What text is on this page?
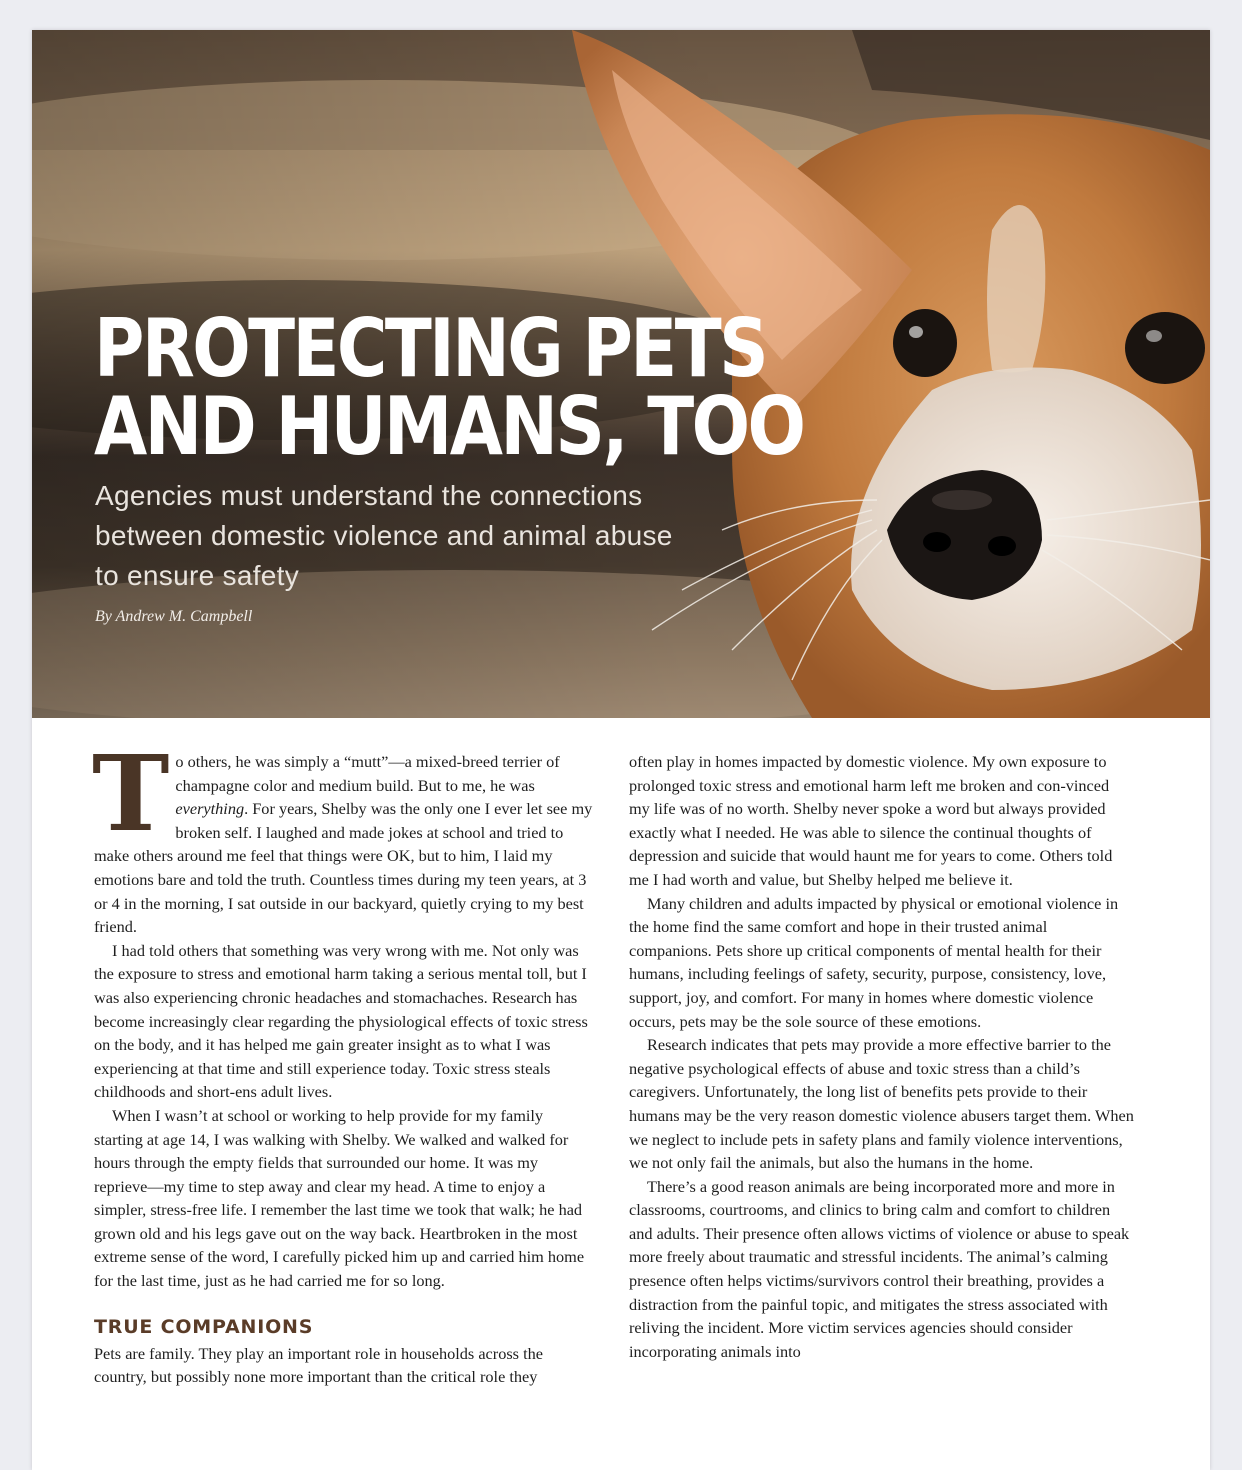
PROTECTING PETS
AND HUMANS, TOO

Agencies must understand the connections between domestic violence and animal abuse to ensure safety

By Andrew M. Campbell

To others, he was simply a “mutt”—a mixed-breed terrier of champagne color and medium build. But to me, he was everything. For years, Shelby was the only one I ever let see my broken self. I laughed and made jokes at school and tried to make others around me feel that things were OK, but to him, I laid my emotions bare and told the truth. Countless times during my teen years, at 3 or 4 in the morning, I sat outside in our backyard, quietly crying to my best friend.

I had told others that something was very wrong with me. Not only was the exposure to stress and emotional harm taking a serious mental toll, but I was also experiencing chronic headaches and stomachaches. Research has become increasingly clear regarding the physiological effects of toxic stress on the body, and it has helped me gain greater insight as to what I was experiencing at that time and still experience today. Toxic stress steals childhoods and short-ens adult lives.

When I wasn’t at school or working to help provide for my family starting at age 14, I was walking with Shelby. We walked and walked for hours through the empty fields that surrounded our home. It was my reprieve—my time to step away and clear my head. A time to enjoy a simpler, stress-free life. I remember the last time we took that walk; he had grown old and his legs gave out on the way back. Heartbroken in the most extreme sense of the word, I carefully picked him up and carried him home for the last time, just as he had carried me for so long.

TRUE COMPANIONS

Pets are family. They play an important role in households across the country, but possibly none more important than the critical role they

often play in homes impacted by domestic violence. My own exposure to prolonged toxic stress and emotional harm left me broken and con-vinced my life was of no worth. Shelby never spoke a word but always provided exactly what I needed. He was able to silence the continual thoughts of depression and suicide that would haunt me for years to come. Others told me I had worth and value, but Shelby helped me believe it.

Many children and adults impacted by physical or emotional violence in the home find the same comfort and hope in their trusted animal companions. Pets shore up critical components of mental health for their humans, including feelings of safety, security, purpose, consistency, love, support, joy, and comfort. For many in homes where domestic violence occurs, pets may be the sole source of these emotions.

Research indicates that pets may provide a more effective barrier to the negative psychological effects of abuse and toxic stress than a child’s caregivers. Unfortunately, the long list of benefits pets provide to their humans may be the very reason domestic violence abusers target them. When we neglect to include pets in safety plans and family violence interventions, we not only fail the animals, but also the humans in the home.

There’s a good reason animals are being incorporated more and more in classrooms, courtrooms, and clinics to bring calm and comfort to children and adults. Their presence often allows victims of violence or abuse to speak more freely about traumatic and stressful incidents. The animal’s calming presence often helps victims/survivors control their breathing, provides a distraction from the painful topic, and mitigates the stress associated with reliving the incident. More victim services agencies should consider incorporating animals into
